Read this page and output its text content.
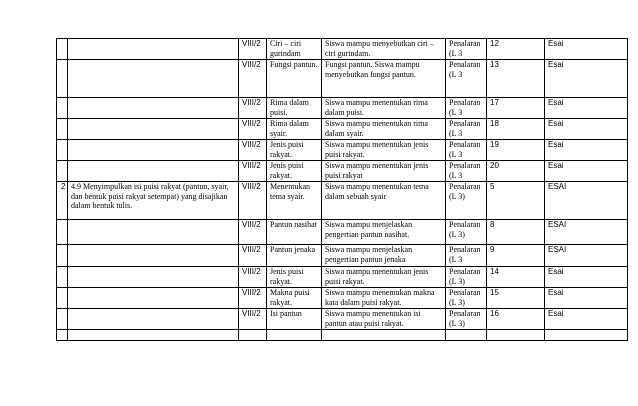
		VIII/2	Ciri – ciri gurindam	Siswa mampu menyebutkan ciri – ciri gurindam.	Penalaran (L 3	12	Esai
		VIII/2	Fungsi pantun.	Fungsi pantun. Siswa mampu menyebutkan fungsi pantun.	Penalaran (L 3	13	Esai
		VIII/2	Rima dalam puisi.	Siswa mampu menentukan rima dalam puisi.	Penalaran (L 3	17	Esai
		VIII/2	Rima dalam syair.	Siswa mampu menentukan rima dalam syair.	Penalaran (L 3	18	Esai
		VIII/2	Jenis puisi rakyat.	Siswa mampu menentukan jenis puisi rakyat.	Penalaran (L 3	19	Esai
		VIII/2	Jenis puisi rakyat.	Siswa mampu menentukan jenis puisi rakyat	Penalaran (L 3	20	Esai
2	4.9 Menyimpulkan isi puisi rakyat (pantun, syair, dan bentuk puisi rakyat setempat) yang disajikan dalam bentuk tulis.	VIII/2	Menentukan tema syair.	Siswa mampu menentukan tema dalam sebuah syair	Penalaran (L 3)	5	ESAI
		VIII/2	Pantun nasihat	Siswa mampu menjelaskan pengertian pantun nasihat.	Penalaran (L 3)	8	ESAI
		VIII/2	Pantun jenaka	Siswa mampu menjelaskan pengertian pantun jenaka	Penalaran (L 3	9	ESAI
		VIII/2	Jenis puisi rakyat.	Siswa mampu menentukan jenis puisi rakyat.	Penalaran (L 3)	14	Esai
		VIII/2	Makna puisi rakyat.	Siswa mampu menemukan makna kata dalam puisi rakyat.	Penalaran (L 3)	15	Esai
		VIII/2	Isi pantun	Siswa mampu menentukan isi pantun atau puisi rakyat.	Penalaran (L 3)	16	Esai
